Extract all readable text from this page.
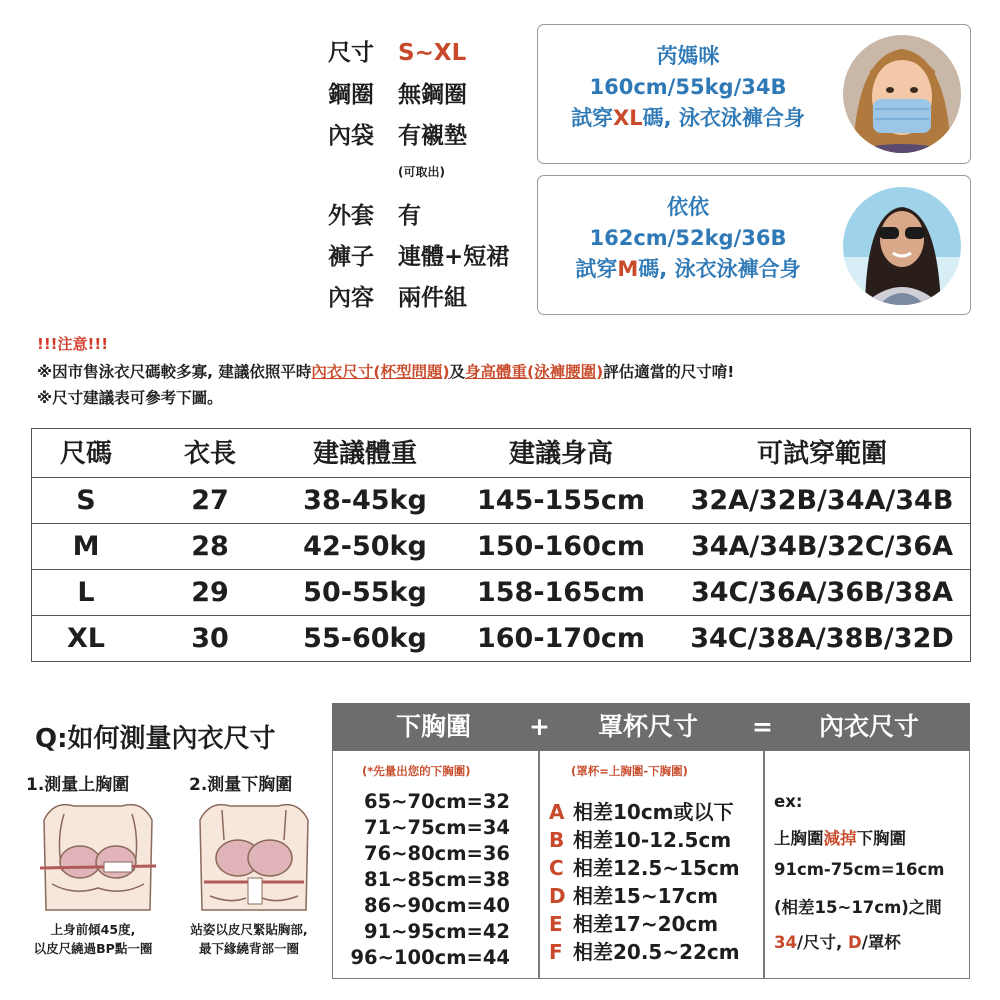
尺寸 S~XL
鋼圈 無鋼圈
內袋 有襯墊
(可取出)
外套 有
褲子 連體+短裙
內容 兩件組
芮媽咪
160cm/55kg/34B
試穿XL碼, 泳衣泳褲合身
依依
162cm/52kg/36B
試穿M碼, 泳衣泳褲合身
!!!注意!!!
※因市售泳衣尺碼較多寡, 建議依照平時內衣尺寸(杯型問題)及身高體重(泳褲腰圍)評估適當的尺寸唷!
※尺寸建議表可參考下圖。
尺碼	衣長	建議體重	建議身高	可試穿範圍
S	27	38-45kg	145-155cm	32A/32B/34A/34B
M	28	42-50kg	150-160cm	34A/34B/32C/36A
L	29	50-55kg	158-165cm	34C/36A/36B/38A
XL	30	55-60kg	160-170cm	34C/38A/38B/32D
Q:如何測量內衣尺寸
1.測量上胸圍	2.測量下胸圍
上身前傾45度,
以皮尺繞過BP點一圈
站姿以皮尺緊貼胸部,
最下緣繞背部一圈
下胸圍 + 罩杯尺寸 = 內衣尺寸
(*先量出您的下胸圍)
65~70cm=32
71~75cm=34
76~80cm=36
81~85cm=38
86~90cm=40
91~95cm=42
96~100cm=44
(罩杯=上胸圍-下胸圍)
A 相差10cm或以下
B 相差10-12.5cm
C 相差12.5~15cm
D 相差15~17cm
E 相差17~20cm
F 相差20.5~22cm
ex:
上胸圍減掉下胸圍
91cm-75cm=16cm
(相差15~17cm)之間
34/尺寸, D/罩杯
